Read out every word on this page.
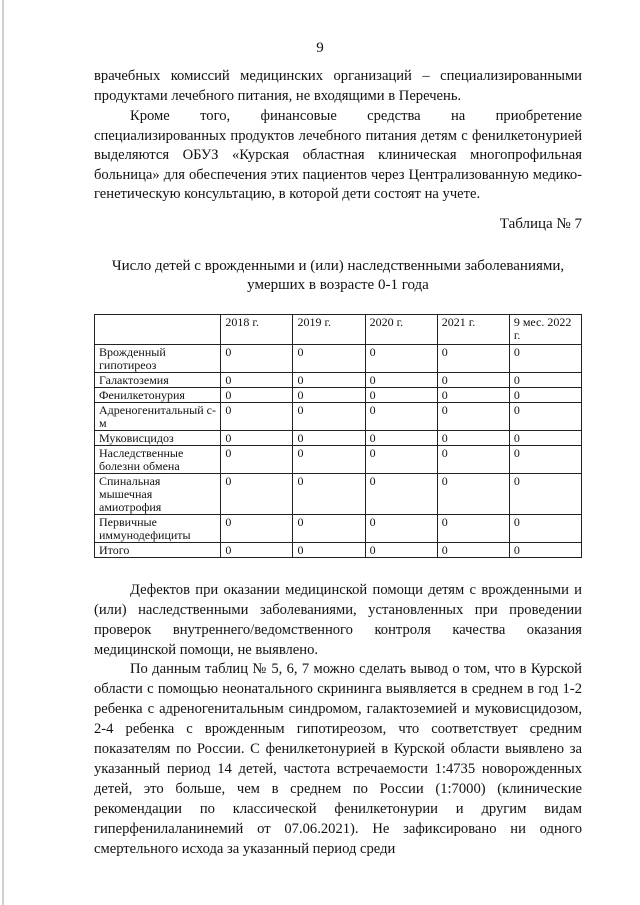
9
врачебных комиссий медицинских организаций – специализированными продуктами лечебного питания, не входящими в Перечень.
Кроме того, финансовые средства на приобретение специализированных продуктов лечебного питания детям с фенилкетонурией выделяются ОБУЗ «Курская областная клиническая многопрофильная больница» для обеспечения этих пациентов через Централизованную медико-генетическую консультацию, в которой дети состоят на учете.
Таблица № 7
Число детей с врожденными и (или) наследственными заболеваниями,
умерших в возрасте 0-1 года
	2018 г.	2019 г.	2020 г.	2021 г.	9 мес. 2022 г.
Врожденный гипотиреоз	0	0	0	0	0
Галактоземия	0	0	0	0	0
Фенилкетонурия	0	0	0	0	0
Адреногенитальный с-м	0	0	0	0	0
Муковисцидоз	0	0	0	0	0
Наследственные болезни обмена	0	0	0	0	0
Спинальная мышечная амиотрофия	0	0	0	0	0
Первичные иммунодефициты	0	0	0	0	0
Итого	0	0	0	0	0
Дефектов при оказании медицинской помощи детям с врожденными и (или) наследственными заболеваниями, установленных при проведении проверок внутреннего/ведомственного контроля качества оказания медицинской помощи, не выявлено.
По данным таблиц № 5, 6, 7 можно сделать вывод о том, что в Курской области с помощью неонатального скрининга выявляется в среднем в год 1-2 ребенка с адреногенитальным синдромом, галактоземией и муковисцидозом, 2-4 ребенка с врожденным гипотиреозом, что соответствует средним показателям по России. С фенилкетонурией в Курской области выявлено за указанный период 14 детей, частота встречаемости 1:4735 новорожденных детей, это больше, чем в среднем по России (1:7000) (клинические рекомендации по классической фенилкетонурии и другим видам гиперфенилаланинемий от 07.06.2021). Не зафиксировано ни одного смертельного исхода за указанный период среди
